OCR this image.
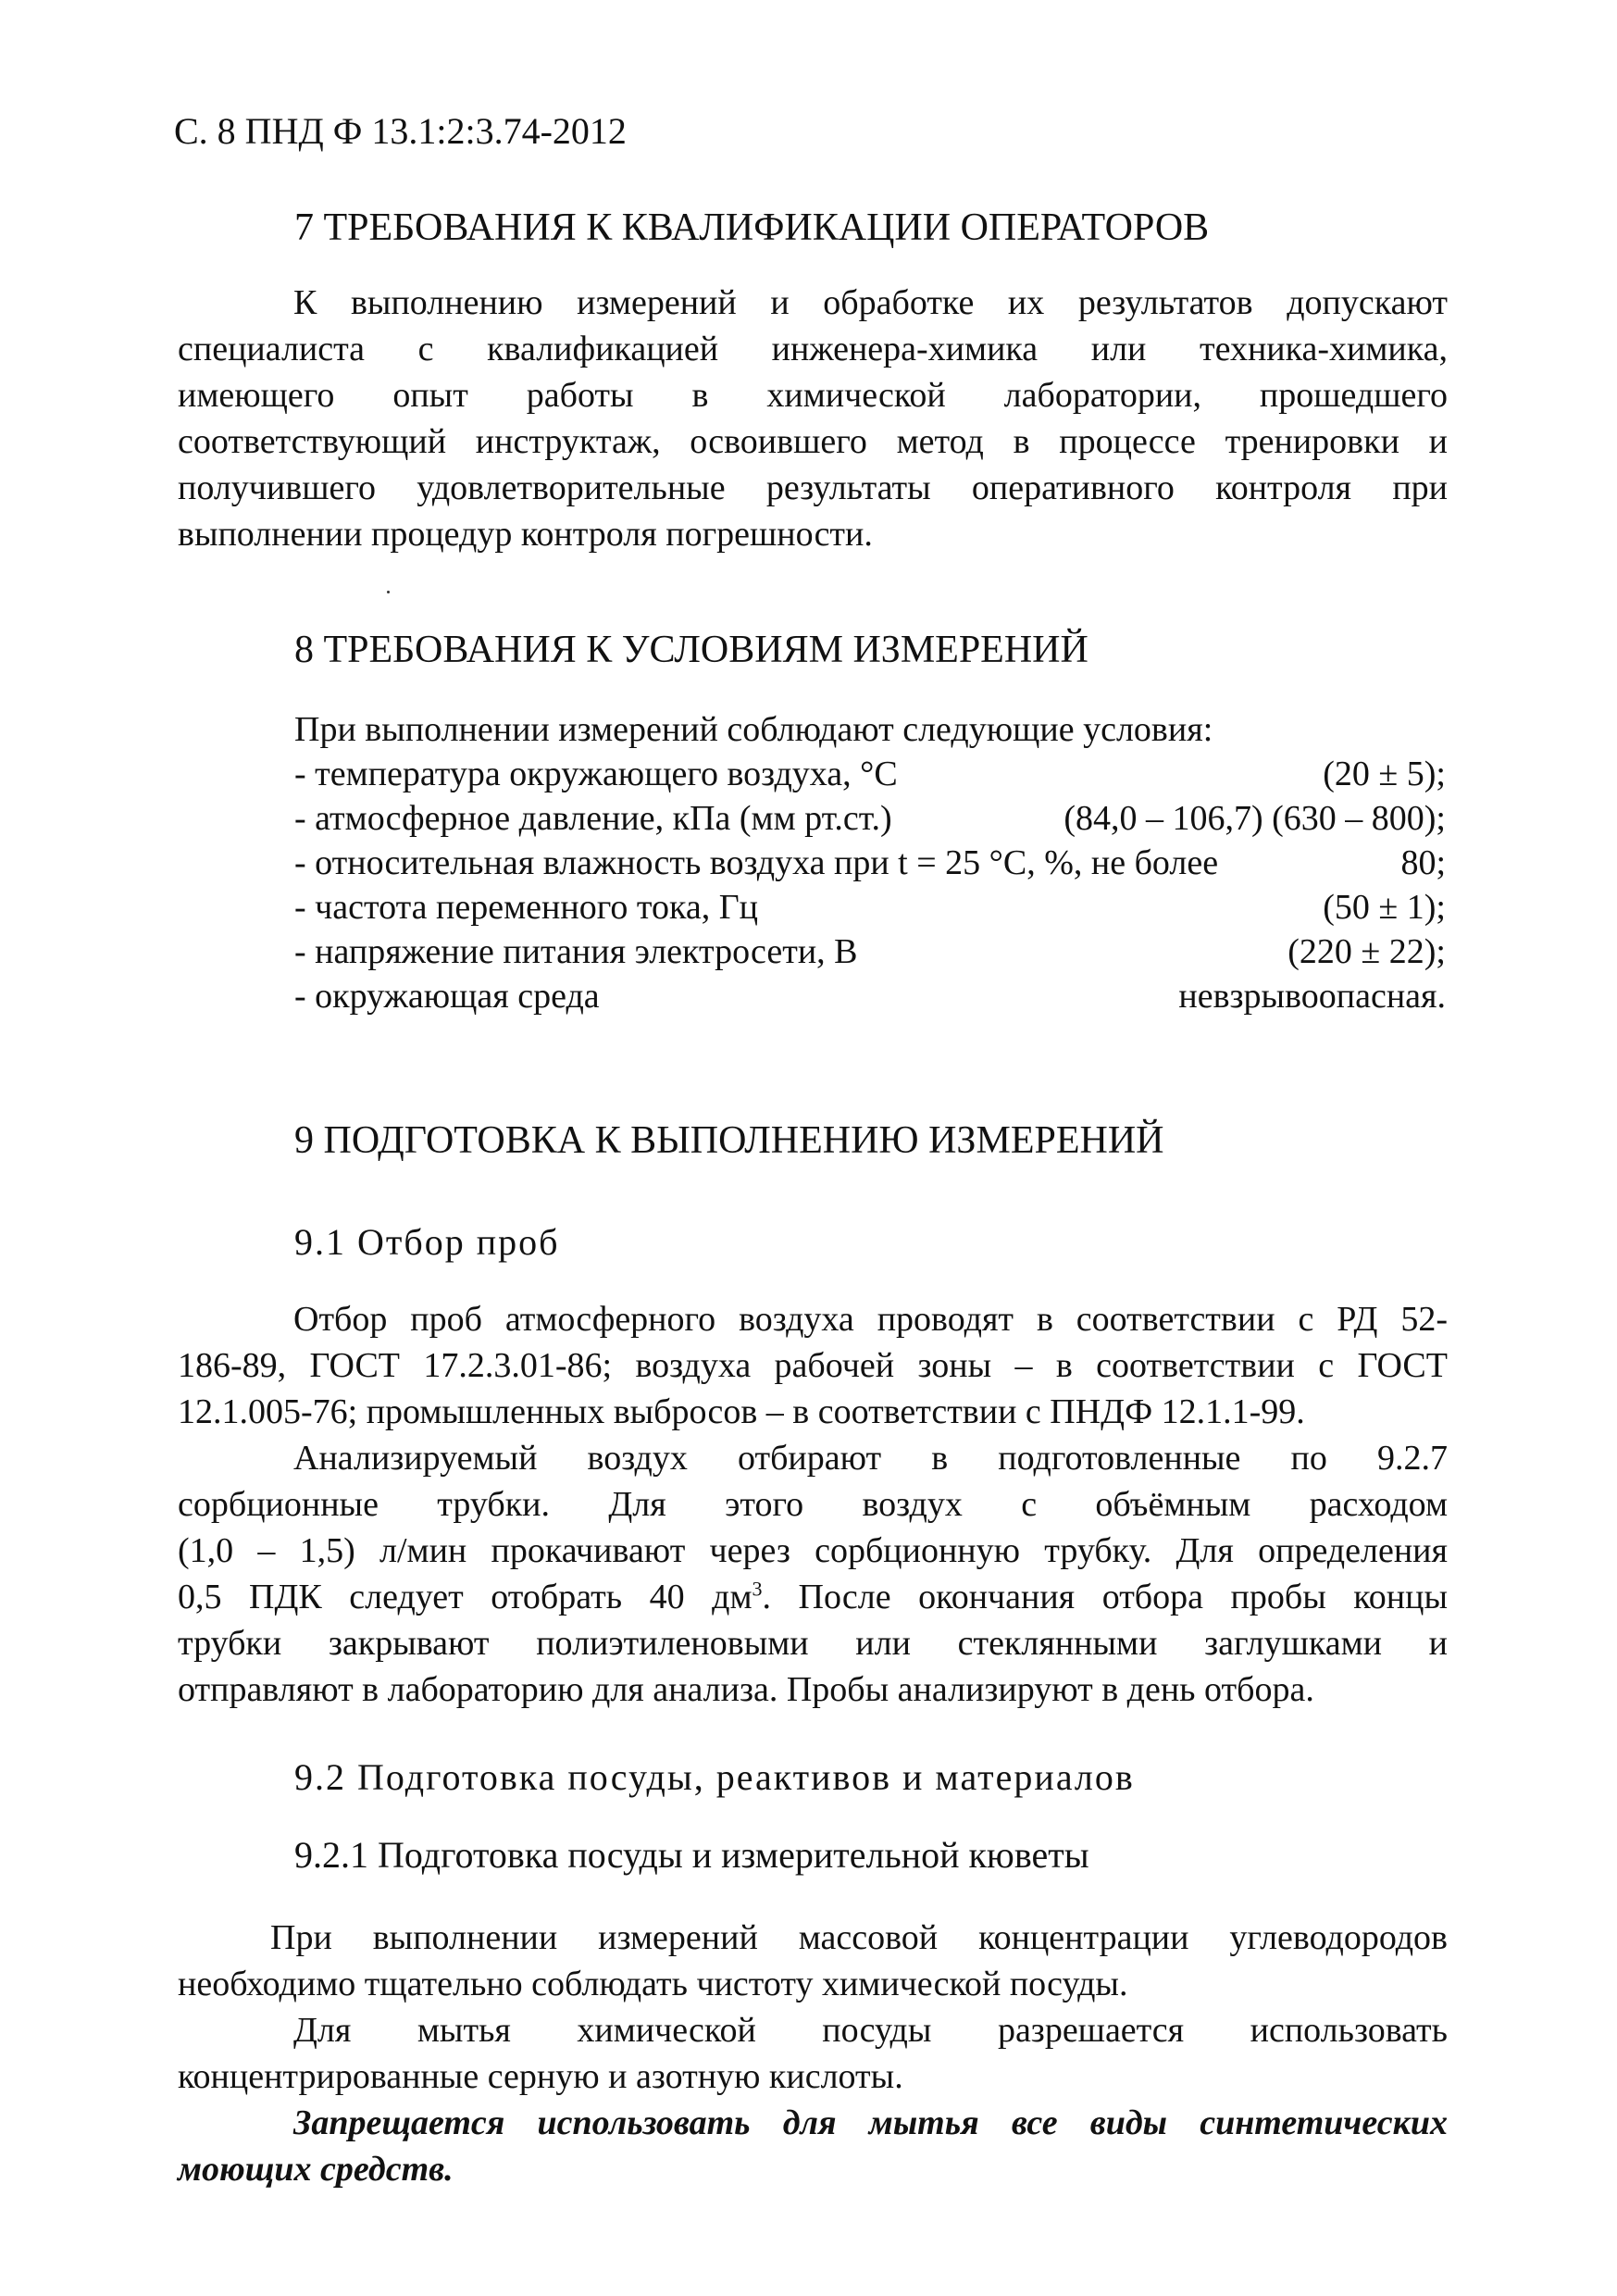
С. 8 ПНД Ф 13.1:2:3.74-2012
7 ТРЕБОВАНИЯ К КВАЛИФИКАЦИИ ОПЕРАТОРОВ
К выполнению измерений и обработке их результатов допускают
специалиста с квалификацией инженера-химика или техника-химика,
имеющего опыт работы в химической лаборатории, прошедшего
соответствующий инструктаж, освоившего метод в процессе тренировки и
получившего удовлетворительные результаты оперативного контроля при
выполнении процедур контроля погрешности.
8 ТРЕБОВАНИЯ К УСЛОВИЯМ ИЗМЕРЕНИЙ
При выполнении измерений соблюдают следующие условия:
- температура окружающего воздуха, °С	(20 ± 5);
- атмосферное давление, кПа (мм рт.ст.)	(84,0 – 106,7) (630 – 800);
- относительная влажность воздуха при t = 25 °С, %, не более	80;
- частота переменного тока, Гц	(50 ± 1);
- напряжение питания электросети, В	(220 ± 22);
- окружающая среда	невзрывоопасная.
9 ПОДГОТОВКА К ВЫПОЛНЕНИЮ ИЗМЕРЕНИЙ
9.1 Отбор проб
Отбор проб атмосферного воздуха проводят в соответствии с РД 52-
186-89, ГОСТ 17.2.3.01-86; воздуха рабочей зоны – в соответствии с ГОСТ
12.1.005-76; промышленных выбросов – в соответствии с ПНДФ 12.1.1-99.
Анализируемый воздух отбирают в подготовленные по 9.2.7
сорбционные трубки. Для этого воздух с объёмным расходом
(1,0 – 1,5) л/мин прокачивают через сорбционную трубку. Для определения
0,5 ПДК следует отобрать 40 $дм^3$. После окончания отбора пробы концы
трубки закрывают полиэтиленовыми или стеклянными заглушками и
отправляют в лабораторию для анализа. Пробы анализируют в день отбора.
9.2 Подготовка посуды, реактивов и материалов
9.2.1 Подготовка посуды и измерительной кюветы
При выполнении измерений массовой концентрации углеводородов
необходимо тщательно соблюдать чистоту химической посуды.
Для мытья химической посуды разрешается использовать
концентрированные серную и азотную кислоты.
Запрещается использовать для мытья все виды синтетических
моющих средств.
